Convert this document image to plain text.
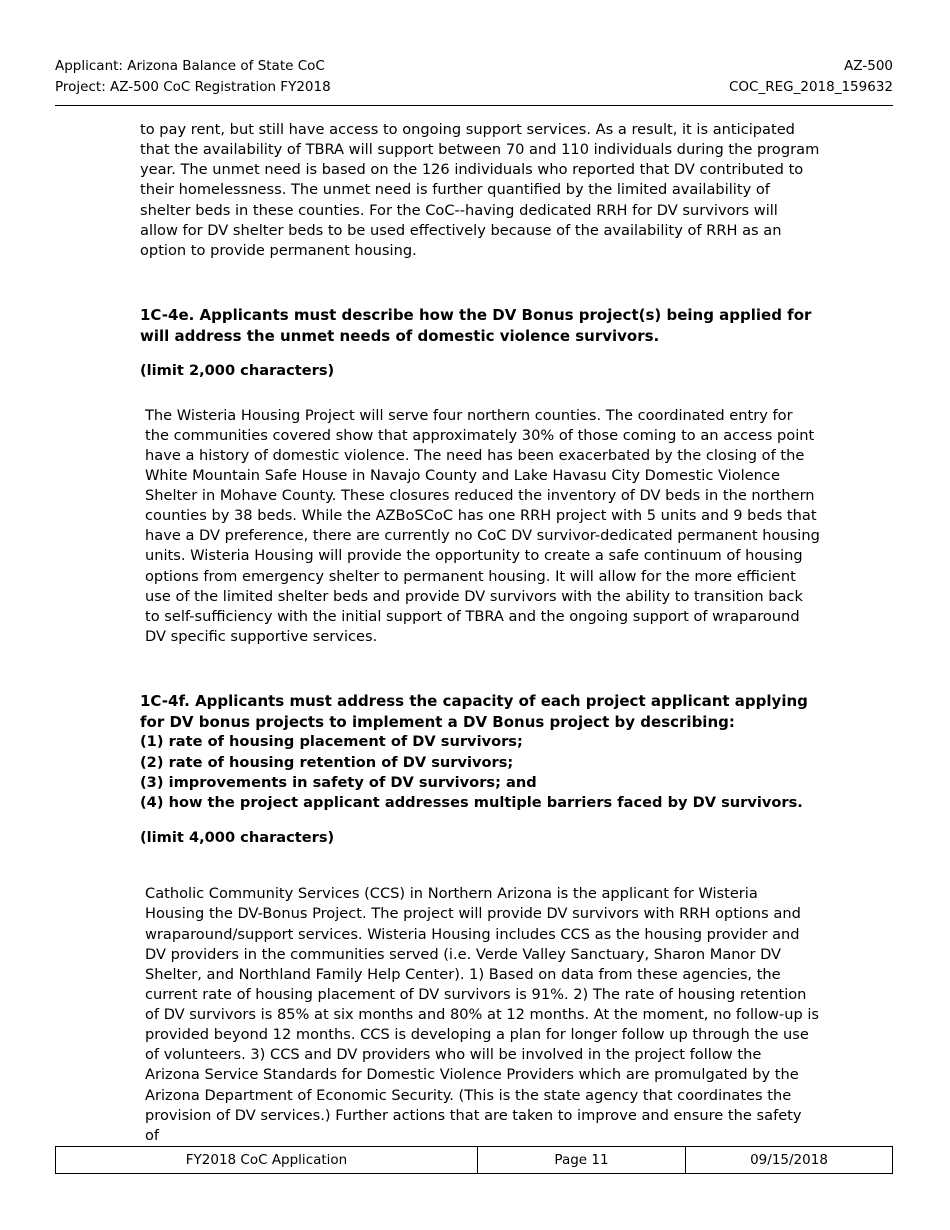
Applicant: Arizona Balance of State CoC	AZ-500
Project: AZ-500 CoC Registration FY2018	COC_REG_2018_159632

to pay rent, but still have access to ongoing support services. As a result, it is anticipated that the availability of TBRA will support between 70 and 110 individuals during the program year. The unmet need is based on the 126 individuals who reported that DV contributed to their homelessness. The unmet need is further quantified by the limited availability of shelter beds in these counties. For the CoC--having dedicated RRH for DV survivors will allow for DV shelter beds to be used effectively because of the availability of RRH as an option to provide permanent housing.

1C-4e. Applicants must describe how the DV Bonus project(s) being applied for will address the unmet needs of domestic violence survivors.

(limit 2,000 characters)

The Wisteria Housing Project will serve four northern counties. The coordinated entry for the communities covered show that approximately 30% of those coming to an access point have a history of domestic violence. The need has been exacerbated by the closing of the White Mountain Safe House in Navajo County and Lake Havasu City Domestic Violence Shelter in Mohave County. These closures reduced the inventory of DV beds in the northern counties by 38 beds. While the AZBoSCoC has one RRH project with 5 units and 9 beds that have a DV preference, there are currently no CoC DV survivor-dedicated permanent housing units. Wisteria Housing will provide the opportunity to create a safe continuum of housing options from emergency shelter to permanent housing. It will allow for the more efficient use of the limited shelter beds and provide DV survivors with the ability to transition back to self-sufficiency with the initial support of TBRA and the ongoing support of wraparound DV specific supportive services.

1C-4f. Applicants must address the capacity of each project applicant applying for DV bonus projects to implement a DV Bonus project by describing:

(1) rate of housing placement of DV survivors;

(2) rate of housing retention of DV survivors;

(3) improvements in safety of DV survivors; and

(4) how the project applicant addresses multiple barriers faced by DV survivors.

(limit 4,000 characters)

Catholic Community Services (CCS) in Northern Arizona is the applicant for Wisteria Housing the DV-Bonus Project. The project will provide DV survivors with RRH options and wraparound/support services. Wisteria Housing includes CCS as the housing provider and DV providers in the communities served (i.e. Verde Valley Sanctuary, Sharon Manor DV Shelter, and Northland Family Help Center). 1) Based on data from these agencies, the current rate of housing placement of DV survivors is 91%. 2) The rate of housing retention of DV survivors is 85% at six months and 80% at 12 months. At the moment, no follow-up is provided beyond 12 months. CCS is developing a plan for longer follow up through the use of volunteers. 3) CCS and DV providers who will be involved in the project follow the Arizona Service Standards for Domestic Violence Providers which are promulgated by the Arizona Department of Economic Security. (This is the state agency that coordinates the provision of DV services.) Further actions that are taken to improve and ensure the safety of

FY2018 CoC Application	Page 11	09/15/2018
